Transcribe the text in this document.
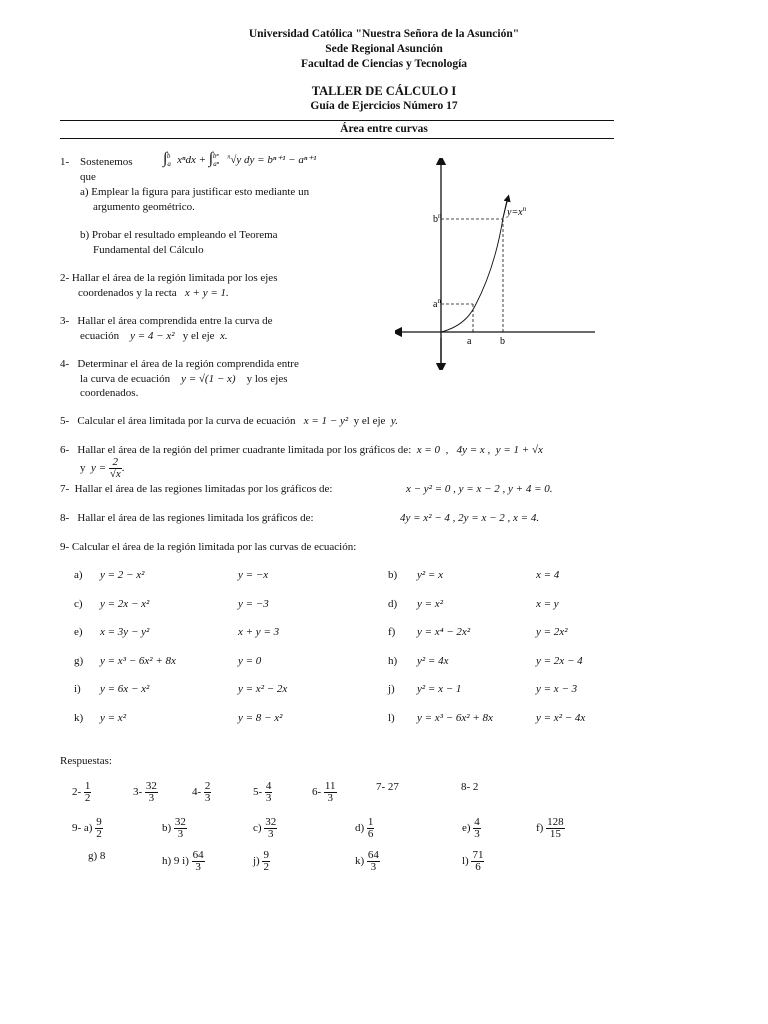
Universidad Católica "Nuestra Señora de la Asunción"
Sede Regional Asunción
Facultad de Ciencias y Tecnología
TALLER DE CÁLCULO I
Guía de Ejercicios Número 17
Área entre curvas
$y=x^n$
$b^n$
$a^n$
a	b
1- Sostenemos que
$\int_a^b$ $x^ndx + \int_{a^n}^{b^n}$ $^n$√y dy = bⁿ⁺¹ − aⁿ⁺¹
a) Emplear la figura para justificar esto mediante un
argumento geométrico.
b) Probar el resultado empleando el Teorema
Fundamental del Cálculo
2- Hallar el área de la región limitada por los ejes
coordenados y la recta x + y = 1.
3- Hallar el área comprendida entre la curva de
ecuación y = 4 − x² y el eje x.
4- Determinar el área de la región comprendida entre
la curva de ecuación y = √(1 − x) y los ejes
coordenados.
5- Calcular el área limitada por la curva de ecuación x = 1 − y² y el eje y.
6- Hallar el área de la región del primer cuadrante limitada por los gráficos de: x = 0  ,   4y = x ,  y = 1 + √x
y $y = \frac{2}{√x}$ .
7- Hallar el área de las regiones limitadas por los gráficos de:	x − y² = 0 , y = x − 2 , y + 4 = 0.
8- Hallar el área de las regiones limitada los gráficos de:	4y = x² − 4 , 2y = x − 2 , x = 4.
9- Calcular el área de la región limitada por las curvas de ecuación:
a) y = 2 − x²	y = −x	b) y² = x	x = 4
c) y = 2x − x²	y = −3	d) y = x²	x = y
e) x = 3y − y²	x + y = 3	f) y = x⁴ − 2x²	y = 2x²
g) y = x³ − 6x² + 8x	y = 0	h) y² = 4x	y = 2x − 4
i) y = 6x − x²	y = x² − 2x	j) y² = x − 1	y = x − 3
k) y = x²	y = 8 − x²	l) y = x³ − 6x² + 8x	y = x² − 4x
Respuestas:
$2- \frac{1}{2}$	$3- \frac{32}{3}$	$4- \frac{2}{3}$	$5- \frac{4}{3}$	$6- \frac{11}{3}$	7- 27	8- 2
9- $a) \frac{9}{2}$	$b) \frac{32}{3}$	$c) \frac{32}{3}$	$d) \frac{1}{6}$	$e) \frac{4}{3}$	$f) \frac{128}{15}$
g) 8	h) 9 $i) \frac{64}{3}$	$j) \frac{9}{2}$	$k) \frac{64}{3}$	$l) \frac{71}{6}$
